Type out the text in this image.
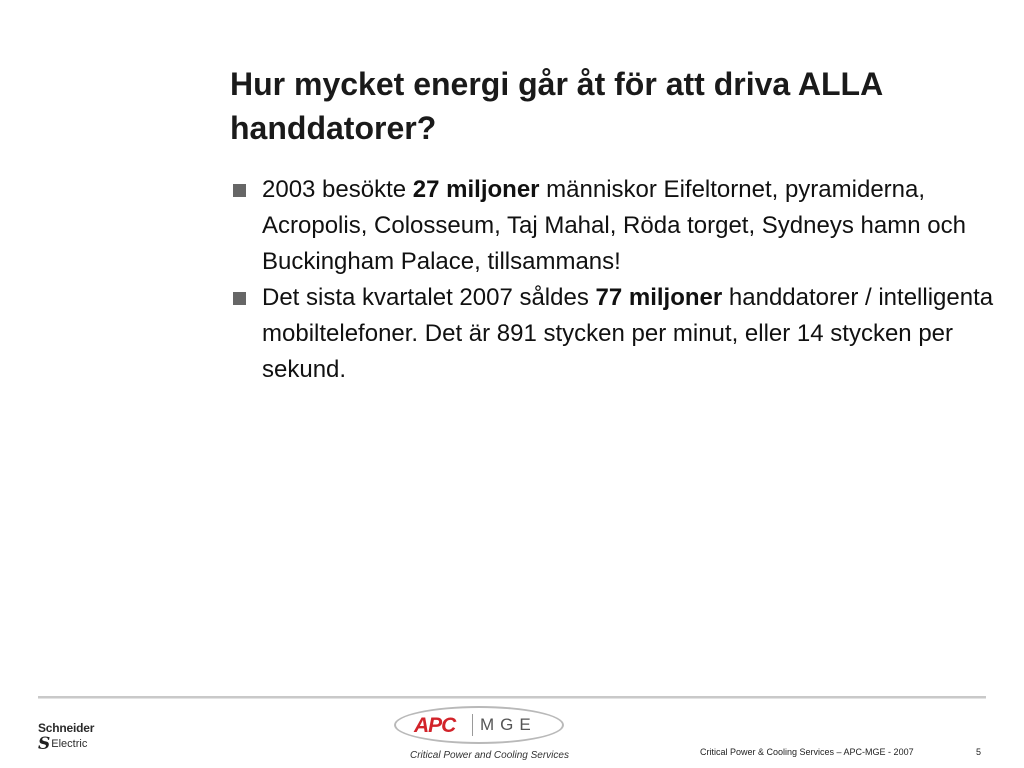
Hur mycket energi går åt för att driva ALLA handdatorer?
2003 besökte 27 miljoner människor Eifeltornet, pyramiderna, Acropolis, Colosseum, Taj Mahal, Röda torget, Sydneys hamn och Buckingham Palace, tillsammans!
Det sista kvartalet 2007 såldes 77 miljoner handdatorer / intelligenta mobiltelefoner. Det är 891 stycken per minut, eller 14 stycken per sekund.
Schneider
S Electric
APC MGE
Critical Power and Cooling Services	Critical Power & Cooling Services – APC-MGE - 2007	5
